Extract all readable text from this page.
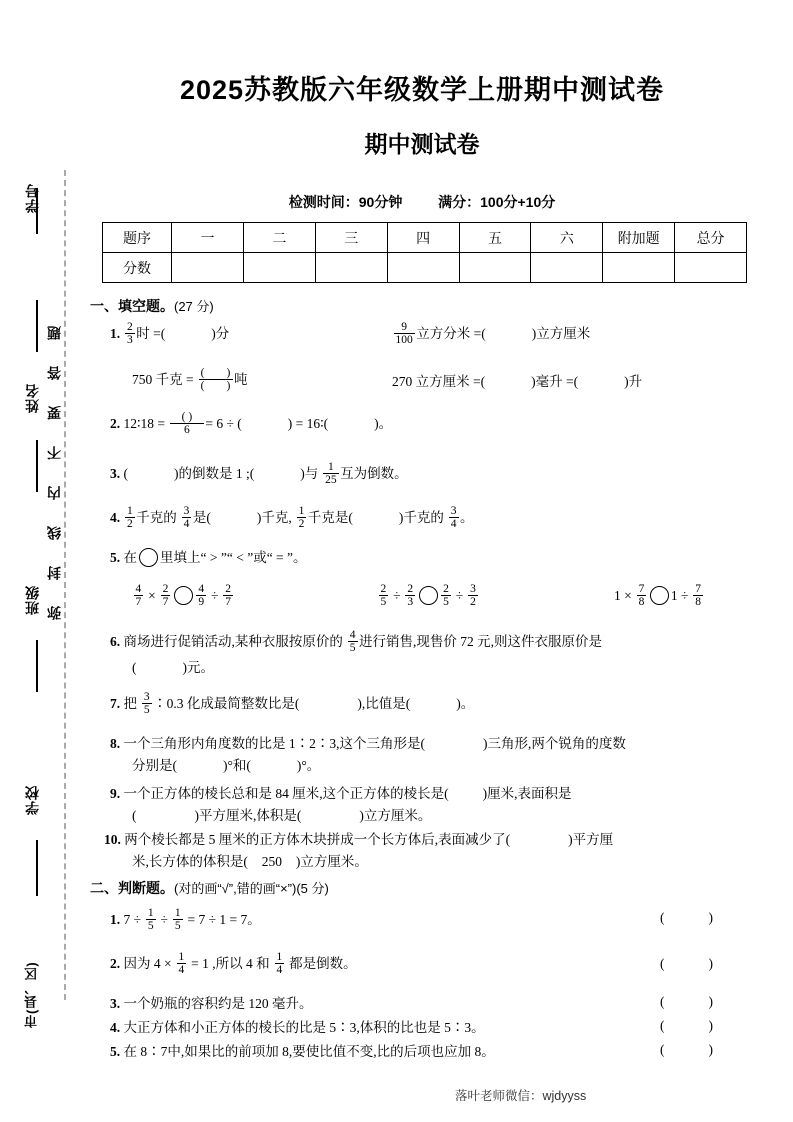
学号
姓名
班级
学校
市(县、区)
弥封线内不要答题
2025苏教版六年级数学上册期中测试卷
期中测试卷
检测时间：90分钟	满分：100分+10分
题序	一	二	三	四	五	六	附加题	总分
分数								
一、填空题。(27 分)
1. $\frac{2}{3}$ 时 =(	)分	$\frac{9}{100}$ 立方分米 =(	)立方厘米
750 千克 = $\frac{( )}{( )}$ 吨	270 立方厘米 =(	)毫升 =(	)升
2. 12∶18 = $\frac{( )}{6} = 6$ ÷ (	) = 16∶(	)。
3. (	)的倒数是 1 ;(	)与 $\frac{1}{25}$ 互为倒数。
4. $\frac{1}{2}$ 千克的 $\frac{3}{4}$ 是(	)千克, $\frac{1}{2}$ 千克是(	)千克的 $\frac{3}{4}$ 。
5. 在 里填上“ > ”“ < ”或“ = ”。
$\frac{4}{7} \times \frac{2}{7} \frac{4}{9} \div \frac{2}{7}$	$\frac{2}{5} \div \frac{2}{3} \frac{2}{5} \div \frac{3}{2}$	$1 \times \frac{7}{8} 1 \div \frac{7}{8}$
6. 商场进行促销活动,某种衣服按原价的 $\frac{4}{5}$ 进行销售,现售价 72 元,则这件衣服原价是
(	)元。
7. 把 $\frac{3}{5}$ ∶0.3 化成最简整数比是(	),比值是(	)。
8. 一个三角形内角度数的比是 1∶2∶3,这个三角形是(	)三角形,两个锐角的度数
分别是(	)°和(	)°。
9. 一个正方体的棱长总和是 84 厘米,这个正方体的棱长是(	)厘米,表面积是
(	)平方厘米,体积是(	)立方厘米。
10. 两个棱长都是 5 厘米的正方体木块拼成一个长方体后,表面减少了(	)平方厘
米,长方体的体积是( 250 )立方厘米。
二、判断题。(对的画“√”,错的画“×”)(5 分)
1. $7 \div \frac{1}{5} \div \frac{1}{5} = 7 \div 1 = 7$。	(	)
2. 因为 $4 \times \frac{1}{4} = 1$ ,所以 4 和 $\frac{1}{4}$ 都是倒数。	(	)
3. 一个奶瓶的容积约是 120 毫升。	(	)
4. 大正方体和小正方体的棱长的比是 5∶3,体积的比也是 5∶3。	(	)
5. 在 8∶7中,如果比的前项加 8,要使比值不变,比的后项也应加 8。	(	)
落叶老师微信：wjdyyss
